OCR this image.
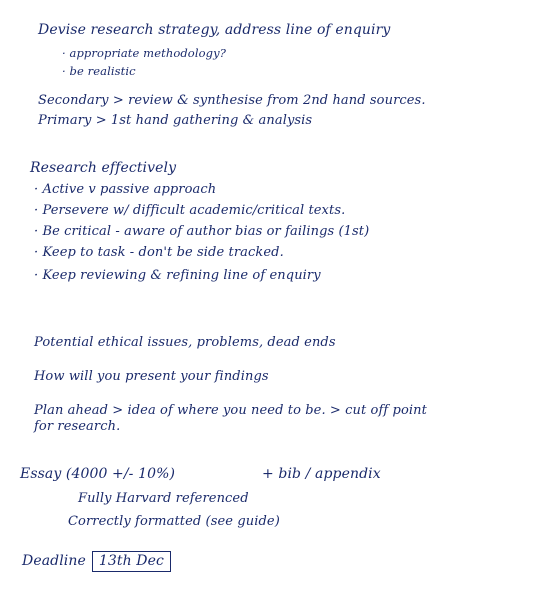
Devise research strategy, address line of enquiry
· appropriate methodology?
· be realistic
Secondary > review & synthesise from 2nd hand sources.
Primary > 1st hand gathering & analysis
Research effectively
· Active v passive approach
· Persevere w/ difficult academic/critical texts.
· Be critical - aware of author bias or failings (1st)
· Keep to task - don't be side tracked.
· Keep reviewing & refining line of enquiry
Potential ethical issues, problems, dead ends
How will you present your findings
Plan ahead > idea of where you need to be. > cut off point
for research.
Essay (4000 +/- 10%)	+ bib / appendix
Fully Harvard referenced
Correctly formatted (see guide)
Deadline 13th Dec
